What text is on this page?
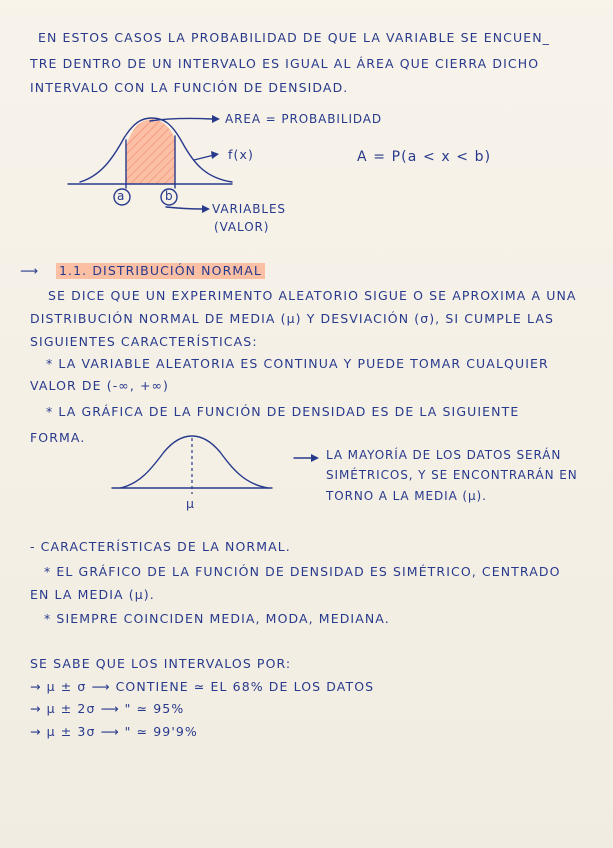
EN ESTOS CASOS LA PROBABILIDAD DE QUE LA VARIABLE SE ENCUEN_
TRE DENTRO DE UN INTERVALO ES IGUAL AL ÁREA QUE CIERRA DICHO
INTERVALO CON LA FUNCIÓN DE DENSIDAD.
AREA = PROBABILIDAD
f(x)
a	b
VARIABLES
(VALOR)
A = P(a < x < b)
⟶ 1.1. DISTRIBUCIÓN NORMAL
SE DICE QUE UN EXPERIMENTO ALEATORIO SIGUE O SE APROXIMA A UNA
DISTRIBUCIÓN NORMAL DE MEDIA (µ) Y DESVIACIÓN (σ), SI CUMPLE LAS
SIGUIENTES CARACTERÍSTICAS:
* LA VARIABLE ALEATORIA ES CONTINUA Y PUEDE TOMAR CUALQUIER
VALOR DE (-∞, +∞)
* LA GRÁFICA DE LA FUNCIÓN DE DENSIDAD ES DE LA SIGUIENTE
FORMA.
µ
LA MAYORÍA DE LOS DATOS SERÁN
SIMÉTRICOS, Y SE ENCONTRARÁN EN
TORNO A LA MEDIA (µ).
- CARACTERÍSTICAS DE LA NORMAL.
* EL GRÁFICO DE LA FUNCIÓN DE DENSIDAD ES SIMÉTRICO, CENTRADO
EN LA MEDIA (µ).
* SIEMPRE COINCIDEN MEDIA, MODA, MEDIANA.
SE SABE QUE LOS INTERVALOS POR:
→ µ ± σ ⟶ CONTIENE ≃ EL 68% DE LOS DATOS
→ µ ± 2σ ⟶ " ≃ 95%
→ µ ± 3σ ⟶ " ≃ 99'9%
